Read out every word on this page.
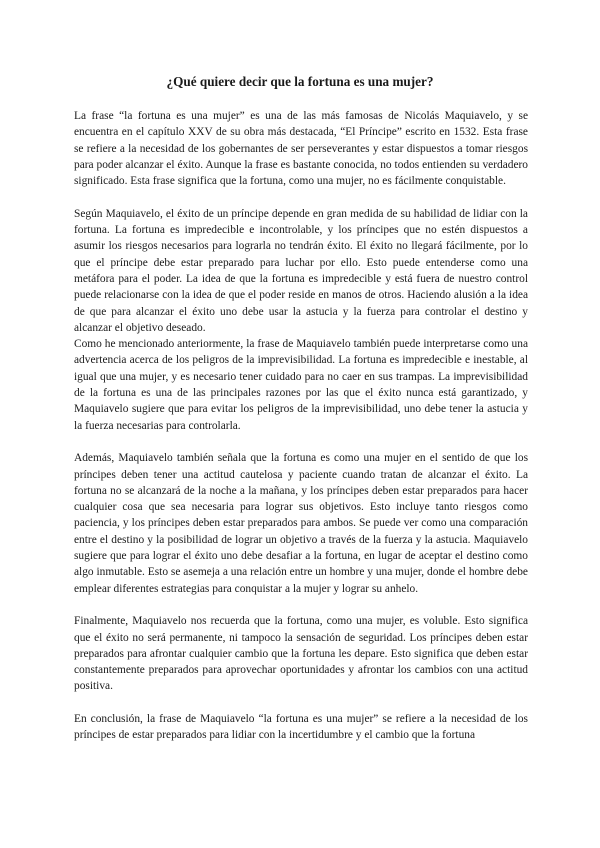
¿Qué quiere decir que la fortuna es una mujer?

La frase “la fortuna es una mujer” es una de las más famosas de Nicolás Maquiavelo, y se encuentra en el capítulo XXV de su obra más destacada, “El Príncipe” escrito en 1532. Esta frase se refiere a la necesidad de los gobernantes de ser perseverantes y estar dispuestos a tomar riesgos para poder alcanzar el éxito. Aunque la frase es bastante conocida, no todos entienden su verdadero significado. Esta frase significa que la fortuna, como una mujer, no es fácilmente conquistable.

Según Maquiavelo, el éxito de un príncipe depende en gran medida de su habilidad de lidiar con la fortuna. La fortuna es impredecible e incontrolable, y los príncipes que no estén dispuestos a asumir los riesgos necesarios para lograrla no tendrán éxito. El éxito no llegará fácilmente, por lo que el príncipe debe estar preparado para luchar por ello. Esto puede entenderse como una metáfora para el poder. La idea de que la fortuna es impredecible y está fuera de nuestro control puede relacionarse con la idea de que el poder reside en manos de otros. Haciendo alusión a la idea de que para alcanzar el éxito uno debe usar la astucia y la fuerza para controlar el destino y alcanzar el objetivo deseado.

Como he mencionado anteriormente, la frase de Maquiavelo también puede interpretarse como una advertencia acerca de los peligros de la imprevisibilidad. La fortuna es impredecible e inestable, al igual que una mujer, y es necesario tener cuidado para no caer en sus trampas. La imprevisibilidad de la fortuna es una de las principales razones por las que el éxito nunca está garantizado, y Maquiavelo sugiere que para evitar los peligros de la imprevisibilidad, uno debe tener la astucia y la fuerza necesarias para controlarla.

Además, Maquiavelo también señala que la fortuna es como una mujer en el sentido de que los príncipes deben tener una actitud cautelosa y paciente cuando tratan de alcanzar el éxito. La fortuna no se alcanzará de la noche a la mañana, y los príncipes deben estar preparados para hacer cualquier cosa que sea necesaria para lograr sus objetivos. Esto incluye tanto riesgos como paciencia, y los príncipes deben estar preparados para ambos. Se puede ver como una comparación entre el destino y la posibilidad de lograr un objetivo a través de la fuerza y la astucia. Maquiavelo sugiere que para lograr el éxito uno debe desafiar a la fortuna, en lugar de aceptar el destino como algo inmutable. Esto se asemeja a una relación entre un hombre y una mujer, donde el hombre debe emplear diferentes estrategias para conquistar a la mujer y lograr su anhelo.

Finalmente, Maquiavelo nos recuerda que la fortuna, como una mujer, es voluble. Esto significa que el éxito no será permanente, ni tampoco la sensación de seguridad. Los príncipes deben estar preparados para afrontar cualquier cambio que la fortuna les depare. Esto significa que deben estar constantemente preparados para aprovechar oportunidades y afrontar los cambios con una actitud positiva.

En conclusión, la frase de Maquiavelo “la fortuna es una mujer” se refiere a la necesidad de los príncipes de estar preparados para lidiar con la incertidumbre y el cambio que la fortuna
